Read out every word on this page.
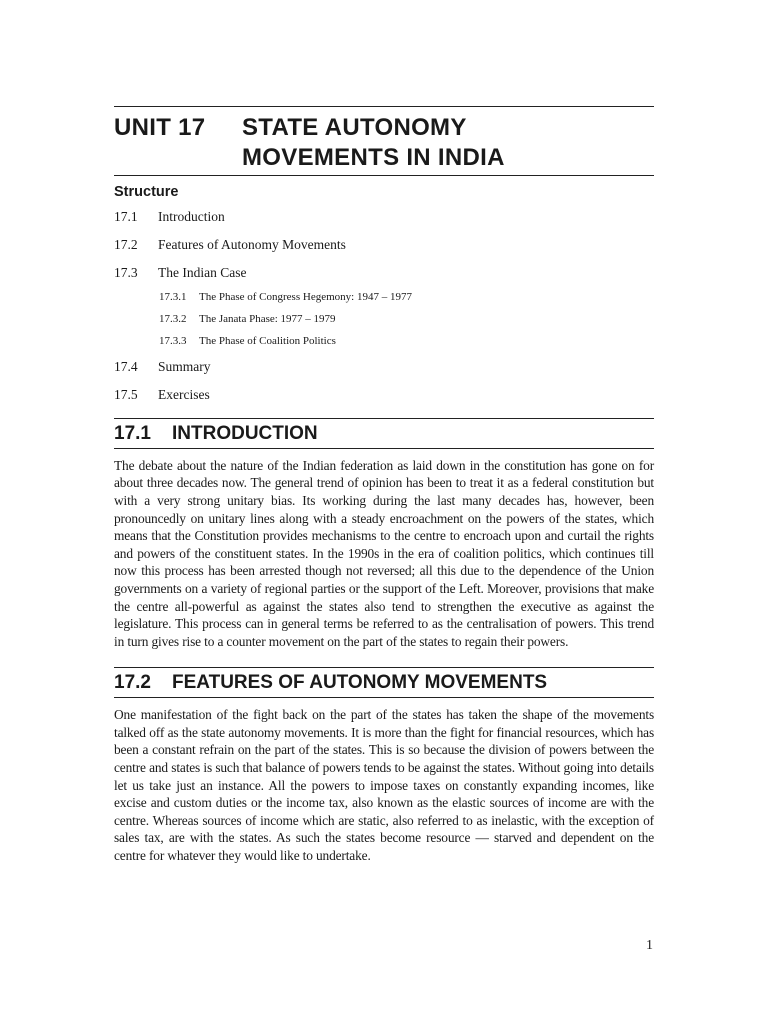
UNIT 17	STATE AUTONOMY
MOVEMENTS IN INDIA
Structure
17.1	Introduction
17.2	Features of Autonomy Movements
17.3	The Indian Case
17.3.1	The Phase of Congress Hegemony: 1947 – 1977
17.3.2	The Janata Phase: 1977 – 1979
17.3.3	The Phase of Coalition Politics
17.4	Summary
17.5	Exercises
17.1	INTRODUCTION

The debate about the nature of the Indian federation as laid down in the constitution has gone on for about three decades now. The general trend of opinion has been to treat it as a federal constitution but with a very strong unitary bias. Its working during the last many decades has, however, been pronouncedly on unitary lines along with a steady encroachment on the powers of the states, which means that the Constitution provides mechanisms to the centre to encroach upon and curtail the rights and powers of the constituent states. In the 1990s in the era of coalition politics, which continues till now this process has been arrested though not reversed; all this due to the dependence of the Union governments on a variety of regional parties or the support of the Left. Moreover, provisions that make the centre all-powerful as against the states also tend to strengthen the executive as against the legislature. This process can in general terms be referred to as the centralisation of powers. This trend in turn gives rise to a counter movement on the part of the states to regain their powers.

17.2	FEATURES OF AUTONOMY MOVEMENTS

One manifestation of the fight back on the part of the states has taken the shape of the movements talked off as the state autonomy movements. It is more than the fight for financial resources, which has been a constant refrain on the part of the states. This is so because the division of powers between the centre and states is such that balance of powers tends to be against the states. Without going into details let us take just an instance. All the powers to impose taxes on constantly expanding incomes, like excise and custom duties or the income tax, also known as the elastic sources of income are with the centre. Whereas sources of income which are static, also referred to as inelastic, with the exception of sales tax, are with the states. As such the states become resource — starved and dependent on the centre for whatever they would like to undertake.

1
